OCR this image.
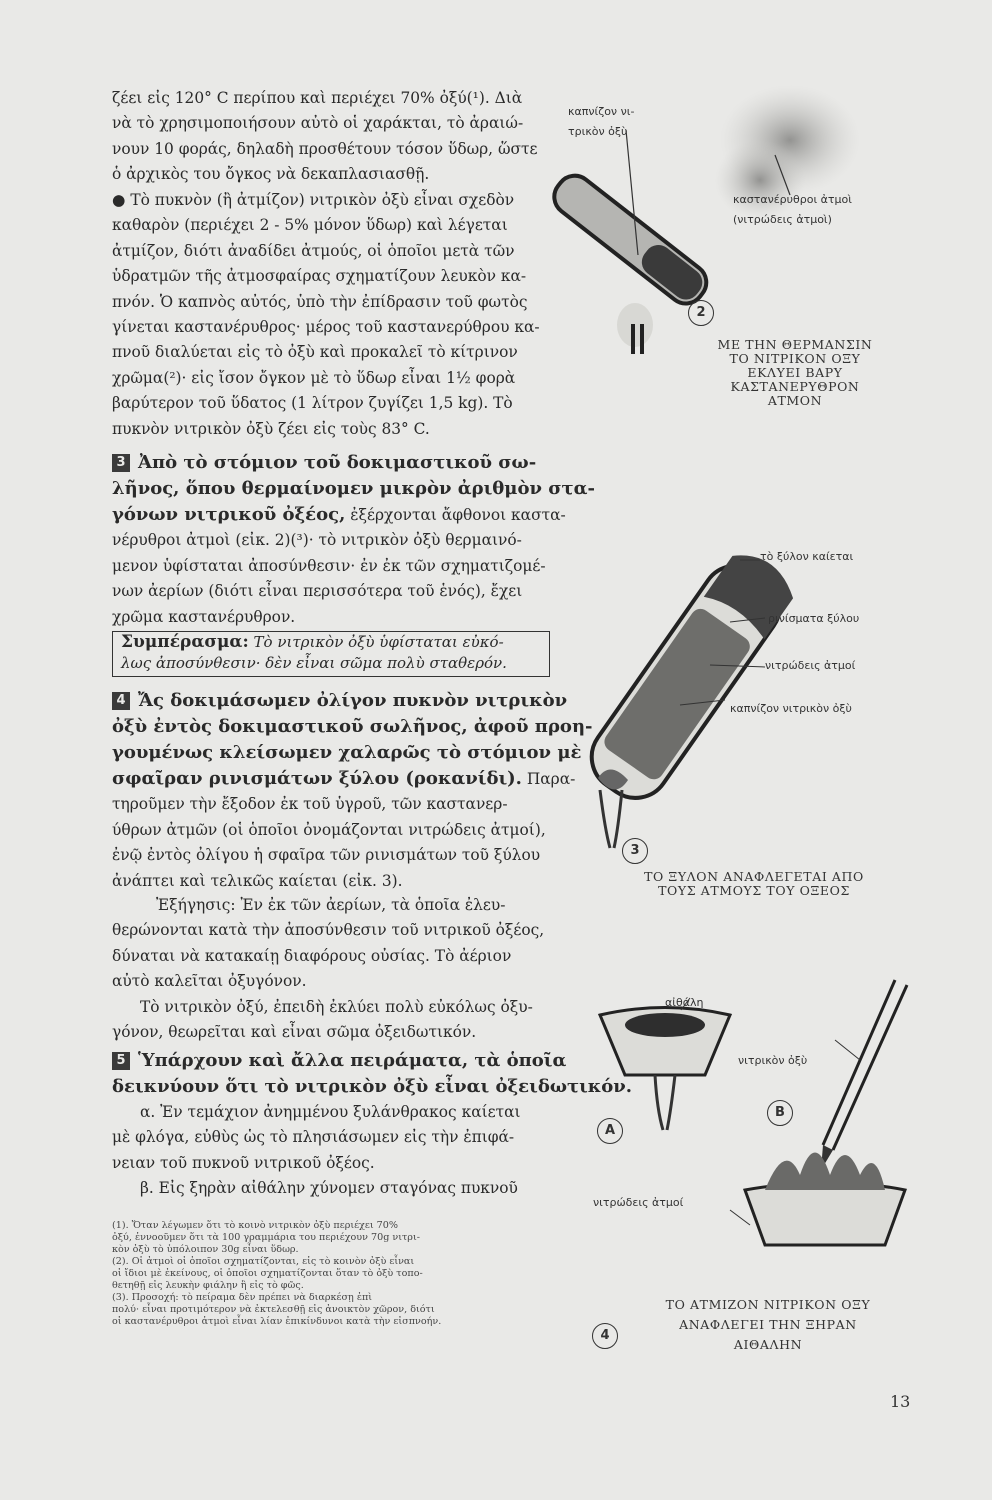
ζέει εἰς 120° C περίπου καὶ περιέχει 70% ὀξύ(¹). Διὰ
νὰ τὸ χρησιμοποιήσουν αὐτὸ οἱ χαράκται, τὸ ἀραιώ-
νουν 10 φοράς, δηλαδὴ προσθέτουν τόσον ὕδωρ, ὥστε
ὁ ἀρχικὸς του ὄγκος νὰ δεκαπλασιασθῇ.
● Τὸ πυκνὸν (ἢ ἀτμίζον) νιτρικὸν ὀξὺ εἶναι σχεδὸν
καθαρὸν (περιέχει 2 - 5% μόνον ὕδωρ) καὶ λέγεται
ἀτμίζον, διότι ἀναδίδει ἀτμούς, οἱ ὁποῖοι μετὰ τῶν
ὑδρατμῶν τῆς ἀτμοσφαίρας σχηματίζουν λευκὸν κα-
πνόν. Ὁ καπνὸς αὐτός, ὑπὸ τὴν ἐπίδρασιν τοῦ φωτὸς
γίνεται καστανέρυθρος· μέρος τοῦ καστανερύθρου κα-
πνοῦ διαλύεται εἰς τὸ ὀξὺ καὶ προκαλεῖ τὸ κίτρινον
χρῶμα(²)· εἰς ἴσον ὄγκον μὲ τὸ ὕδωρ εἶναι 1½ φορὰ
βαρύτερον τοῦ ὕδατος (1 λίτρον ζυγίζει 1,5 kg). Τὸ
πυκνὸν νιτρικὸν ὀξὺ ζέει εἰς τοὺς 83° C.
3 Ἀπὸ τὸ στόμιον τοῦ δοκιμαστικοῦ σω-
λῆνος, ὅπου θερμαίνομεν μικρὸν ἀριθμὸν στα-
γόνων νιτρικοῦ ὀξέος, ἐξέρχονται ἄφθονοι καστα-
νέρυθροι ἀτμοὶ (εἰκ. 2)(³)· τὸ νιτρικὸν ὀξὺ θερμαινό-
μενον ὑφίσταται ἀποσύνθεσιν· ἐν ἐκ τῶν σχηματιζομέ-
νων ἀερίων (διότι εἶναι περισσότερα τοῦ ἑνός), ἔχει
χρῶμα καστανέρυθρον.
Συμπέρασμα: Τὸ νιτρικὸν ὀξὺ ὑφίσταται εὐκό-
λως ἀποσύνθεσιν· δὲν εἶναι σῶμα πολὺ σταθερόν.
4 Ἄς δοκιμάσωμεν ὀλίγον πυκνὸν νιτρικὸν
ὀξὺ ἐντὸς δοκιμαστικοῦ σωλῆνος, ἀφοῦ προη-
γουμένως κλείσωμεν χαλαρῶς τὸ στόμιον μὲ
σφαῖραν ρινισμάτων ξύλου (ροκανίδι). Παρα-
τηροῦμεν τὴν ἔξοδον ἐκ τοῦ ὑγροῦ, τῶν καστανερ-
ύθρων ἀτμῶν (οἱ ὁποῖοι ὀνομάζονται νιτρώδεις ἀτμοί),
ἐνῷ ἐντὸς ὀλίγου ἡ σφαῖρα τῶν ρινισμάτων τοῦ ξύλου
ἀνάπτει καὶ τελικῶς καίεται (εἰκ. 3).
Ἐξήγησις: Ἐν ἐκ τῶν ἀερίων, τὰ ὁποῖα ἐλευ-
θερώνονται κατὰ τὴν ἀποσύνθεσιν τοῦ νιτρικοῦ ὀξέος,
δύναται νὰ κατακαίῃ διαφόρους οὐσίας. Τὸ ἀέριον
αὐτὸ καλεῖται ὀξυγόνον.
Τὸ νιτρικὸν ὀξύ, ἐπειδὴ ἐκλύει πολὺ εὐκόλως ὀξυ-
γόνον, θεωρεῖται καὶ εἶναι σῶμα ὀξειδωτικόν.
5 Ὑπάρχουν καὶ ἄλλα πειράματα, τὰ ὁποῖα
δεικνύουν ὅτι τὸ νιτρικὸν ὀξὺ εἶναι ὀξειδωτικόν.
α. Ἐν τεμάχιον ἀνημμένου ξυλάνθρακος καίεται
μὲ φλόγα, εὐθὺς ὡς τὸ πλησιάσωμεν εἰς τὴν ἐπιφά-
νειαν τοῦ πυκνοῦ νιτρικοῦ ὀξέος.
β. Εἰς ξηρὰν αἰθάλην χύνομεν σταγόνας πυκνοῦ
(1). Ὅταν λέγωμεν ὅτι τὸ κοινὸ νιτρικὸν ὀξὺ περιέχει 70%
ὀξύ, ἐννοοῦμεν ὅτι τὰ 100 γραμμάρια του περιέχουν 70g νιτρι-
κὸν ὀξὺ τὸ ὑπόλοιπον 30g εἶναι ὕδωρ.
(2). Οἱ ἀτμοὶ οἱ ὁποῖοι σχηματίζονται, εἰς τὸ κοινὸν ὀξὺ εἶναι
οἱ ἴδιοι μὲ ἐκείνους, οἱ ὁποῖοι σχηματίζονται ὅταν τὸ ὀξὺ τοπο-
θετηθῇ εἰς λευκὴν φιάλην ἢ εἰς τὸ φῶς.
(3). Προσοχή: τὸ πείραμα δὲν πρέπει νὰ διαρκέσῃ ἐπὶ
πολύ· εἶναι προτιμότερον νὰ ἐκτελεσθῇ εἰς ἀνοικτὸν χῶρον, διότι
οἱ καστανέρυθροι ἀτμοὶ εἶναι λίαν ἐπικίνδυνοι κατὰ τὴν εἰσπνοήν.
13
καπνίζον νι-
τρικὸν ὀξὺ
καστανέρυθροι ἀτμοὶ
(νιτρώδεις ἀτμοὶ)
2
ΜΕ ΤΗΝ ΘΕΡΜΑΝΣΙΝ
ΤΟ ΝΙΤΡΙΚΟΝ ΟΞΥ
ΕΚΛΥΕΙ ΒΑΡΥ
ΚΑΣΤΑΝΕΡΥΘΡΟΝ
ΑΤΜΟΝ
τὸ ξύλον καίεται
ρινίσματα ξύλου
νιτρώδεις ἀτμοί
καπνίζον νιτρικὸν ὀξὺ
3
ΤΟ ΞΥΛΟΝ ΑΝΑΦΛΕΓΕΤΑΙ ΑΠΟ
ΤΟΥΣ ΑΤΜΟΥΣ ΤΟΥ ΟΞΕΟΣ
αἰθάλη
νιτρικὸν ὀξὺ
νιτρώδεις ἀτμοί
A
B
4
ΤΟ ΑΤΜΙΖΟΝ ΝΙΤΡΙΚΟΝ ΟΞΥ
ΑΝΑΦΛΕΓΕΙ ΤΗΝ ΞΗΡΑΝ
ΑΙΘΑΛΗΝ
